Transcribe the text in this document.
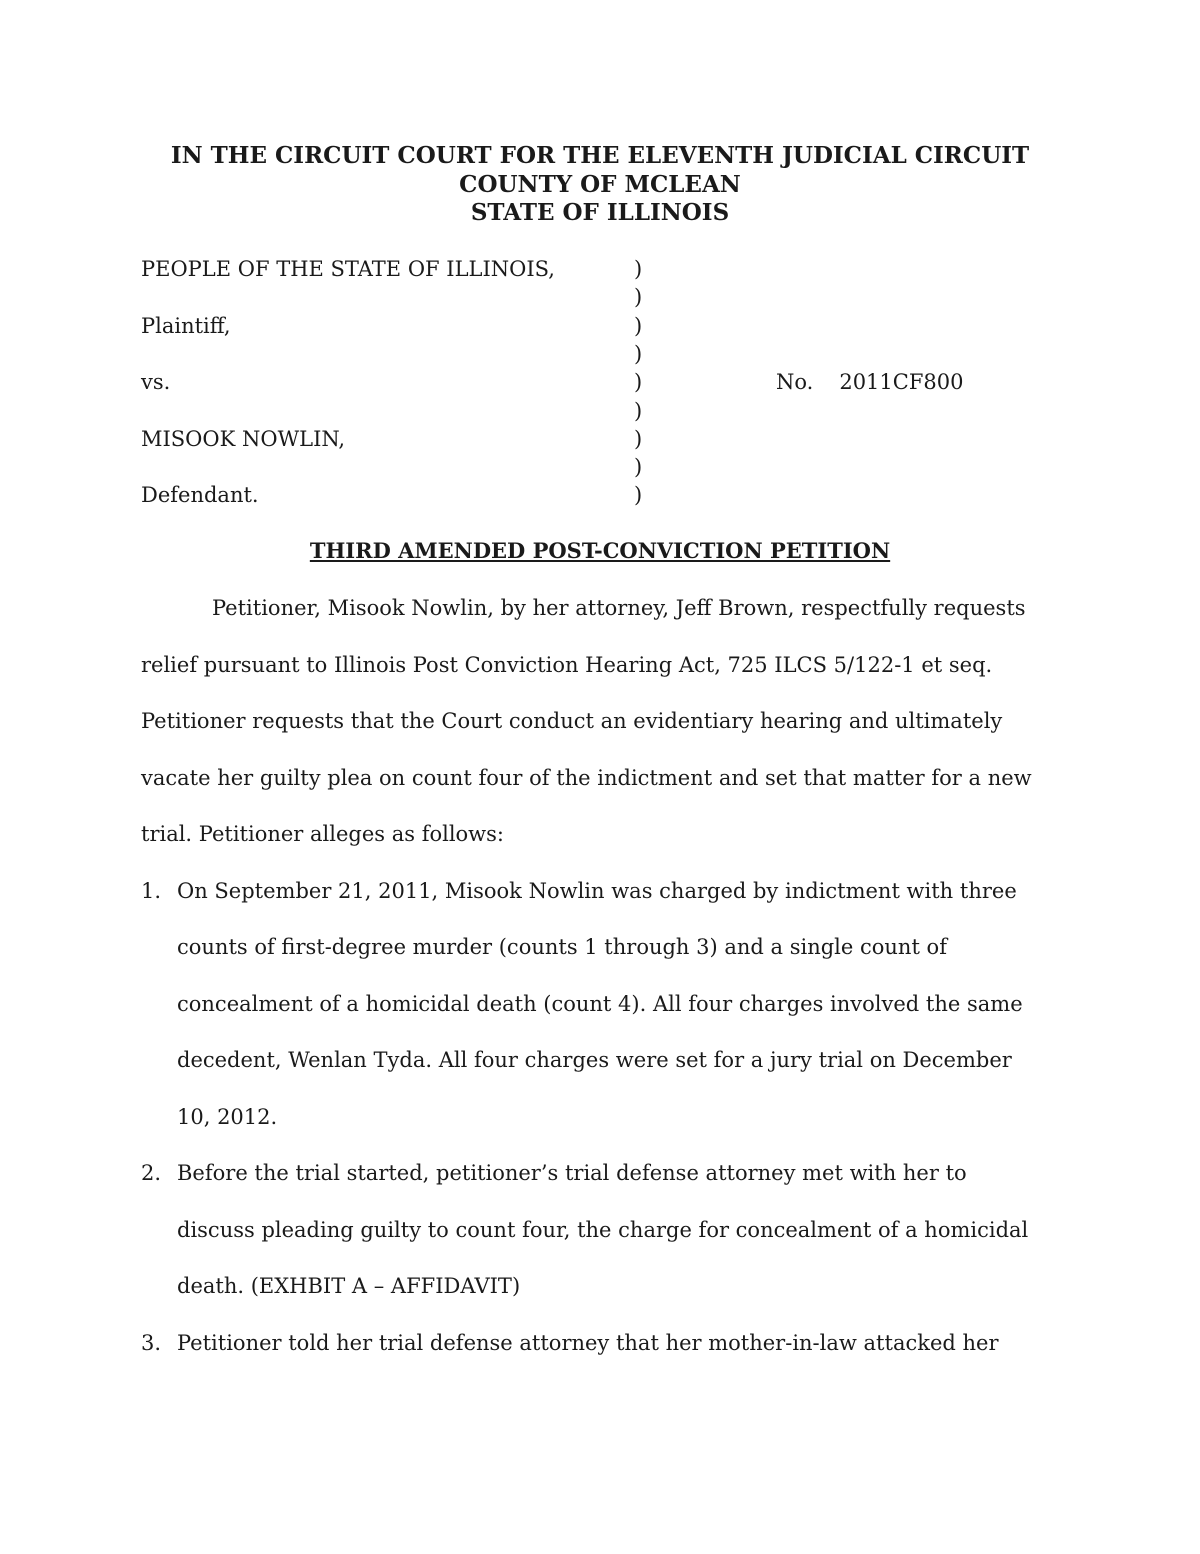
IN THE CIRCUIT COURT FOR THE ELEVENTH JUDICIAL CIRCUIT
COUNTY OF MCLEAN
STATE OF ILLINOIS
PEOPLE OF THE STATE OF ILLINOIS,
Plaintiff,
vs.
MISOOK NOWLIN,
Defendant.
)
)
)
)
)
)
)
)
)
No. 2011CF800
THIRD AMENDED POST-CONVICTION PETITION
Petitioner, Misook Nowlin, by her attorney, Jeff Brown, respectfully requests
relief pursuant to Illinois Post Conviction Hearing Act, 725 ILCS 5/122-1 et seq.
Petitioner requests that the Court conduct an evidentiary hearing and ultimately
vacate her guilty plea on count four of the indictment and set that matter for a new
trial. Petitioner alleges as follows:
1. On September 21, 2011, Misook Nowlin was charged by indictment with three
counts of first-degree murder (counts 1 through 3) and a single count of
concealment of a homicidal death (count 4). All four charges involved the same
decedent, Wenlan Tyda. All four charges were set for a jury trial on December
10, 2012.
2. Before the trial started, petitioner’s trial defense attorney met with her to
discuss pleading guilty to count four, the charge for concealment of a homicidal
death. (EXHBIT A – AFFIDAVIT)
3. Petitioner told her trial defense attorney that her mother-in-law attacked her
